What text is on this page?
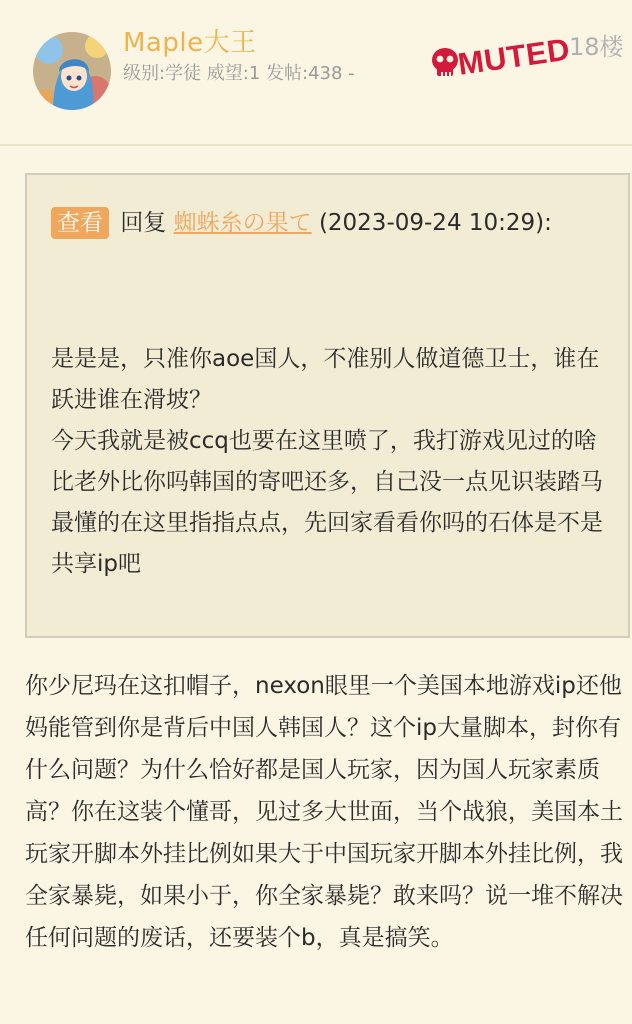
Maple大王
级别:学徒 威望:1 发帖:438 -	MUTED
18楼
查看 回复 蜘蛛糸の果て (2023-09-24 10:29):

是是是，只准你aoe国人，不准别人做道德卫士，谁在跃进谁在滑坡？

今天我就是被ccq也要在这里喷了，我打游戏见过的啥比老外比你吗韩国的寄吧还多，自己没一点见识装踏马最懂的在这里指指点点，先回家看看你吗的石体是不是共享ip吧

你少尼玛在这扣帽子，nexon眼里一个美国本地游戏ip还他妈能管到你是背后中国人韩国人？这个ip大量脚本，封你有什么问题？为什么恰好都是国人玩家，因为国人玩家素质高？你在这装个懂哥，见过多大世面，当个战狼，美国本土玩家开脚本外挂比例如果大于中国玩家开脚本外挂比例，我全家暴毙，如果小于，你全家暴毙？敢来吗？说一堆不解决任何问题的废话，还要装个b，真是搞笑。
